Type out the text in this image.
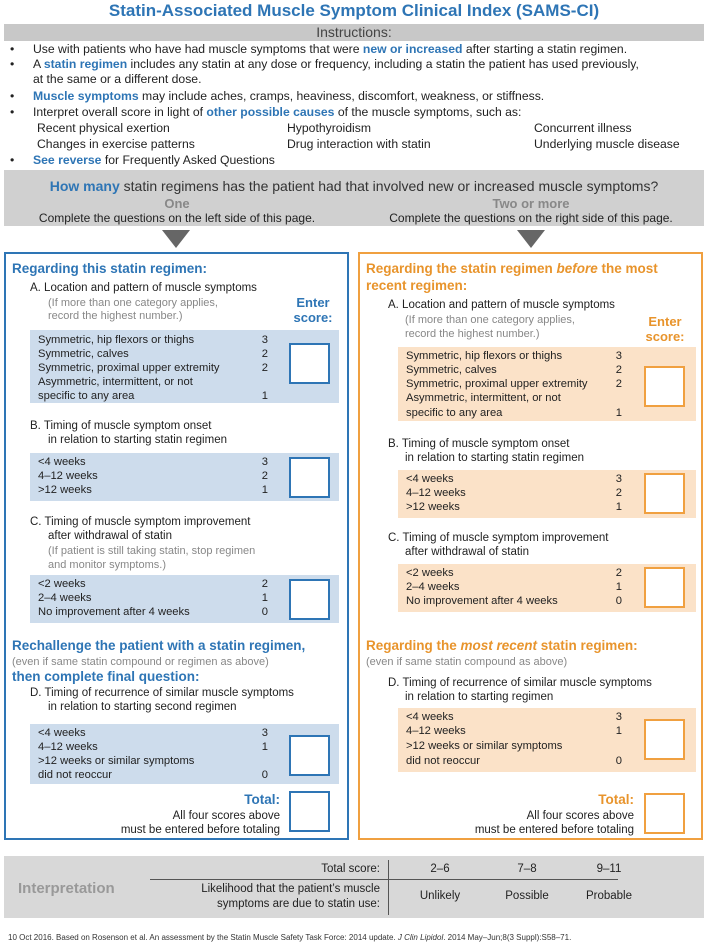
Statin-Associated Muscle Symptom Clinical Index (SAMS-CI)
Instructions:
• Use with patients who have had muscle symptoms that were new or increased after starting a statin regimen.
• A statin regimen includes any statin at any dose or frequency, including a statin the patient has used previously,
at the same or a different dose.
• Muscle symptoms may include aches, cramps, heaviness, discomfort, weakness, or stiffness.
• Interpret overall score in light of other possible causes of the muscle symptoms, such as:
Recent physical exertion	Hypothyroidism	Concurrent illness
Changes in exercise patterns	Drug interaction with statin	Underlying muscle disease
• See reverse for Frequently Asked Questions
How many statin regimens has the patient had that involved new or increased muscle symptoms?
One	Two or more
Complete the questions on the left side of this page.	Complete the questions on the right side of this page.
Regarding this statin regimen:
A. Location and pattern of muscle symptoms
(If more than one category applies,
record the highest number.)
Enter
score:
Symmetric, hip flexors or thighs	3
Symmetric, calves	2
Symmetric, proximal upper extremity	2
Asymmetric, intermittent, or not
specific to any area	1
B. Timing of muscle symptom onset
in relation to starting statin regimen
<4 weeks	3
4–12 weeks	2
>12 weeks	1
C. Timing of muscle symptom improvement
after withdrawal of statin
(If patient is still taking statin, stop regimen
and monitor symptoms.)
<2 weeks	2
2–4 weeks	1
No improvement after 4 weeks	0
Rechallenge the patient with a statin regimen,
(even if same statin compound or regimen as above)
then complete final question:
D. Timing of recurrence of similar muscle symptoms
in relation to starting second regimen
<4 weeks	3
4–12 weeks	1
>12 weeks or similar symptoms
did not reoccur	0
Total:
All four scores above
must be entered before totaling
Regarding the statin regimen before the most
recent regimen:
A. Location and pattern of muscle symptoms
(If more than one category applies,
record the highest number.)
Enter
score:
Symmetric, hip flexors or thighs	3
Symmetric, calves	2
Symmetric, proximal upper extremity	2
Asymmetric, intermittent, or not
specific to any area	1
B. Timing of muscle symptom onset
in relation to starting statin regimen
<4 weeks	3
4–12 weeks	2
>12 weeks	1
C. Timing of muscle symptom improvement
after withdrawal of statin
<2 weeks	2
2–4 weeks	1
No improvement after 4 weeks	0
Regarding the most recent statin regimen:
(even if same statin compound as above)
D. Timing of recurrence of similar muscle symptoms
in relation to starting regimen
<4 weeks	3
4–12 weeks	1
>12 weeks or similar symptoms
did not reoccur	0
Total:
All four scores above
must be entered before totaling
Interpretation
Total score:
Likelihood that the patient’s muscle
symptoms are due to statin use:
2–6	7–8	9–11
Unlikely	Possible	Probable
10 Oct 2016. Based on Rosenson et al. An assessment by the Statin Muscle Safety Task Force: 2014 update. J Clin Lipidol. 2014 May–Jun;8(3 Suppl):S58–71.
